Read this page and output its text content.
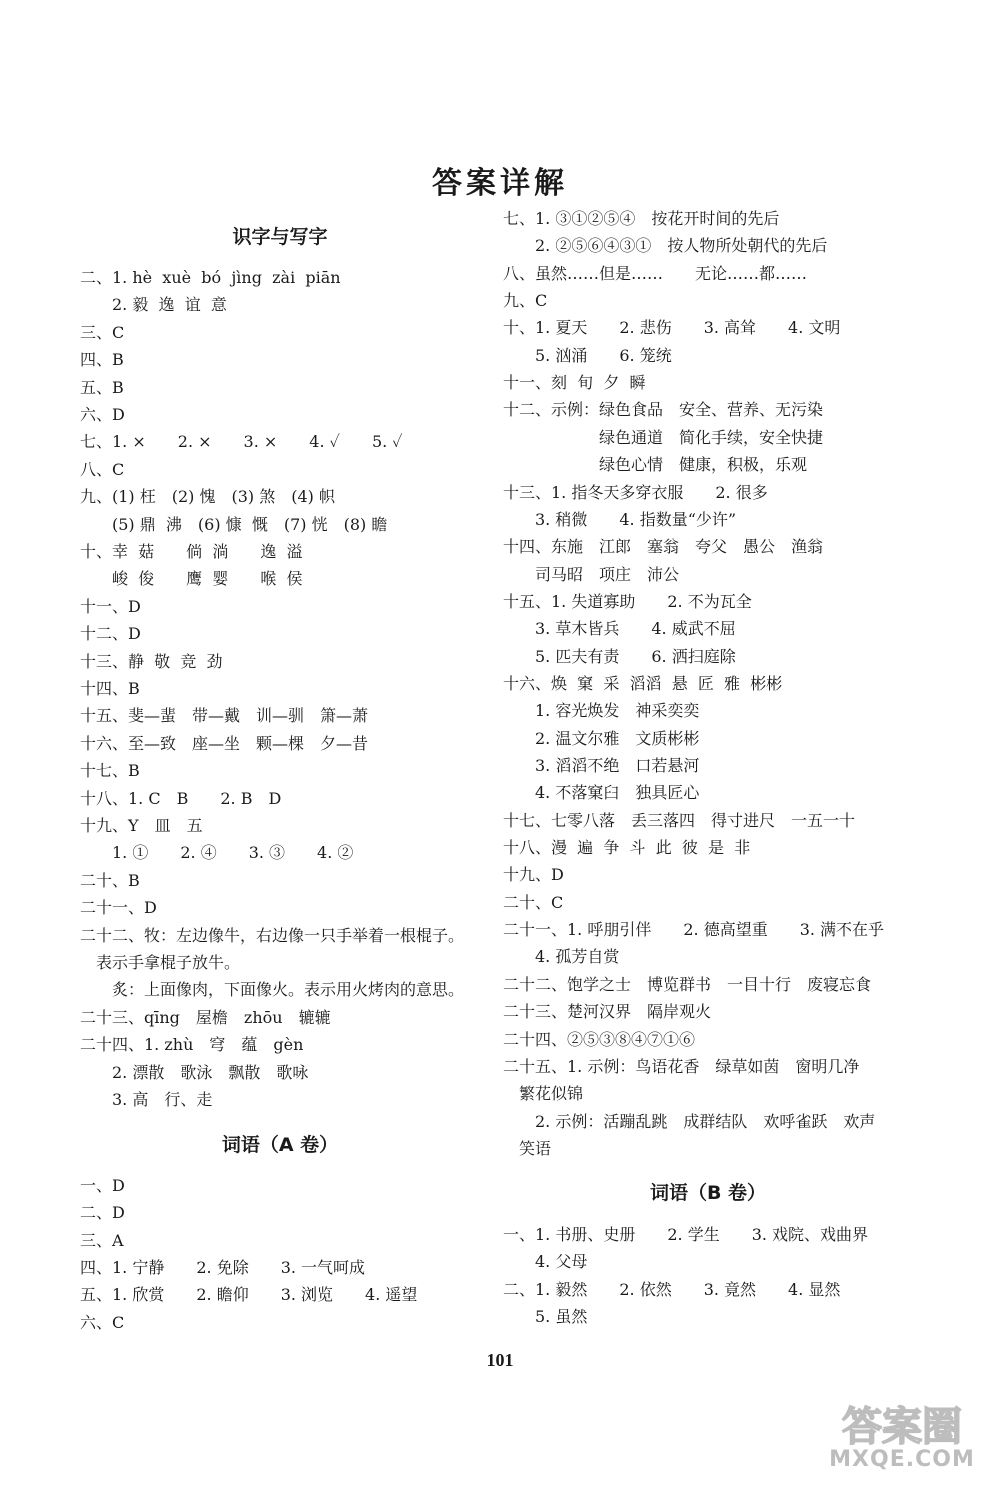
答案详解
识字与写字
二、1. hè  xuè  bó  jìng  zài  piān
　　2. 毅  逸  谊  意
三、C
四、B
五、B
六、D
七、1. ×　　2. ×　　3. ×　　4. ✓　　5. ✓
八、C
九、(1) 枉　(2) 愧　(3) 煞　(4) 帜
　　(5) 鼎  沸　(6) 慷  慨　(7) 恍　(8) 瞻
十、幸  菇　　倘  淌　　逸  溢
　　峻  俊　　鹰  婴　　喉  侯
十一、D
十二、D
十三、静  敬  竞  劲
十四、B
十五、斐—蜚　带—戴　训—驯　箫—萧
十六、至—致　座—坐　颗—棵　夕—昔
十七、B
十八、1. C　B　　2. B　D
十九、Y　皿　五
　　1. ①　　2. ④　　3. ③　　4. ②
二十、B
二十一、D
二十二、牧：左边像牛，右边像一只手举着一根棍子。
　表示手拿棍子放牛。
　　炙：上面像肉，下面像火。表示用火烤肉的意思。
二十三、qīng　屋檐　zhōu　辘辘
二十四、1. zhù　穹　蕴　gèn
　　2. 漂散　歌泳　飘散　歌咏
　　3. 高　行、走
词语（A 卷）
一、D
二、D
三、A
四、1. 宁静　　2. 免除　　3. 一气呵成
五、1. 欣赏　　2. 瞻仰　　3. 浏览　　4. 遥望
六、C
七、1. ③①②⑤④　按花开时间的先后
　　2. ②⑤⑥④③①　按人物所处朝代的先后
八、虽然……但是……　　无论……都……
九、C
十、1. 夏天　　2. 悲伤　　3. 高耸　　4. 文明
　　5. 汹涌　　6. 笼统
十一、刻  旬  夕  瞬
十二、示例：绿色食品　安全、营养、无污染
　　　　　　绿色通道　简化手续，安全快捷
　　　　　　绿色心情　健康，积极，乐观
十三、1. 指冬天多穿衣服　　2. 很多
　　3. 稍微　　4. 指数量“少许”
十四、东施　江郎　塞翁　夸父　愚公　渔翁
　　司马昭　项庄　沛公
十五、1. 失道寡助　　2. 不为瓦全
　　3. 草木皆兵　　4. 威武不屈
　　5. 匹夫有责　　6. 洒扫庭除
十六、焕  窠  采  滔滔  悬  匠  雅  彬彬
　　1. 容光焕发　神采奕奕
　　2. 温文尔雅　文质彬彬
　　3. 滔滔不绝　口若悬河
　　4. 不落窠臼　独具匠心
十七、七零八落　丢三落四　得寸进尺　一五一十
十八、漫  遍  争  斗  此  彼  是  非
十九、D
二十、C
二十一、1. 呼朋引伴　　2. 德高望重　　3. 满不在乎
　　4. 孤芳自赏
二十二、饱学之士　博览群书　一目十行　废寝忘食
二十三、楚河汉界　隔岸观火
二十四、②⑤③⑧④⑦①⑥
二十五、1. 示例：鸟语花香　绿草如茵　窗明几净
　繁花似锦
　　2. 示例：活蹦乱跳　成群结队　欢呼雀跃　欢声
　笑语
词语（B 卷）
一、1. 书册、史册　　2. 学生　　3. 戏院、戏曲界
　　4. 父母
二、1. 毅然　　2. 依然　　3. 竟然　　4. 显然
　　5. 虽然
101
答案圈
MXQE.COM
